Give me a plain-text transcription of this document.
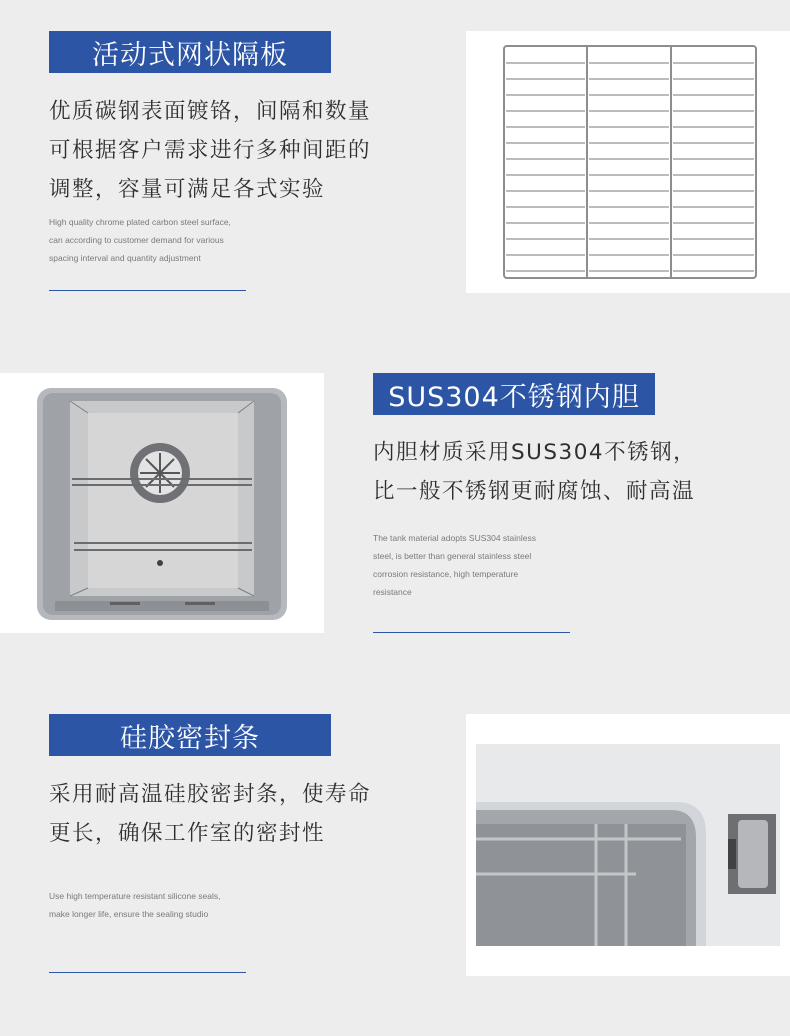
活动式网状隔板
优质碳钢表面镀铬，间隔和数量
可根据客户需求进行多种间距的
调整，容量可满足各式实验
High quality chrome plated carbon steel surface,
can according to customer demand for various
spacing interval and quantity adjustment
SUS304不锈钢内胆
内胆材质采用SUS304不锈钢，
比一般不锈钢更耐腐蚀、耐高温
The tank material adopts SUS304 stainless
steel, is better than general stainless steel
corrosion resistance, high temperature
resistance
硅胶密封条
采用耐高温硅胶密封条，使寿命
更长，确保工作室的密封性
Use high temperature resistant silicone seals,
make longer life, ensure the sealing studio
